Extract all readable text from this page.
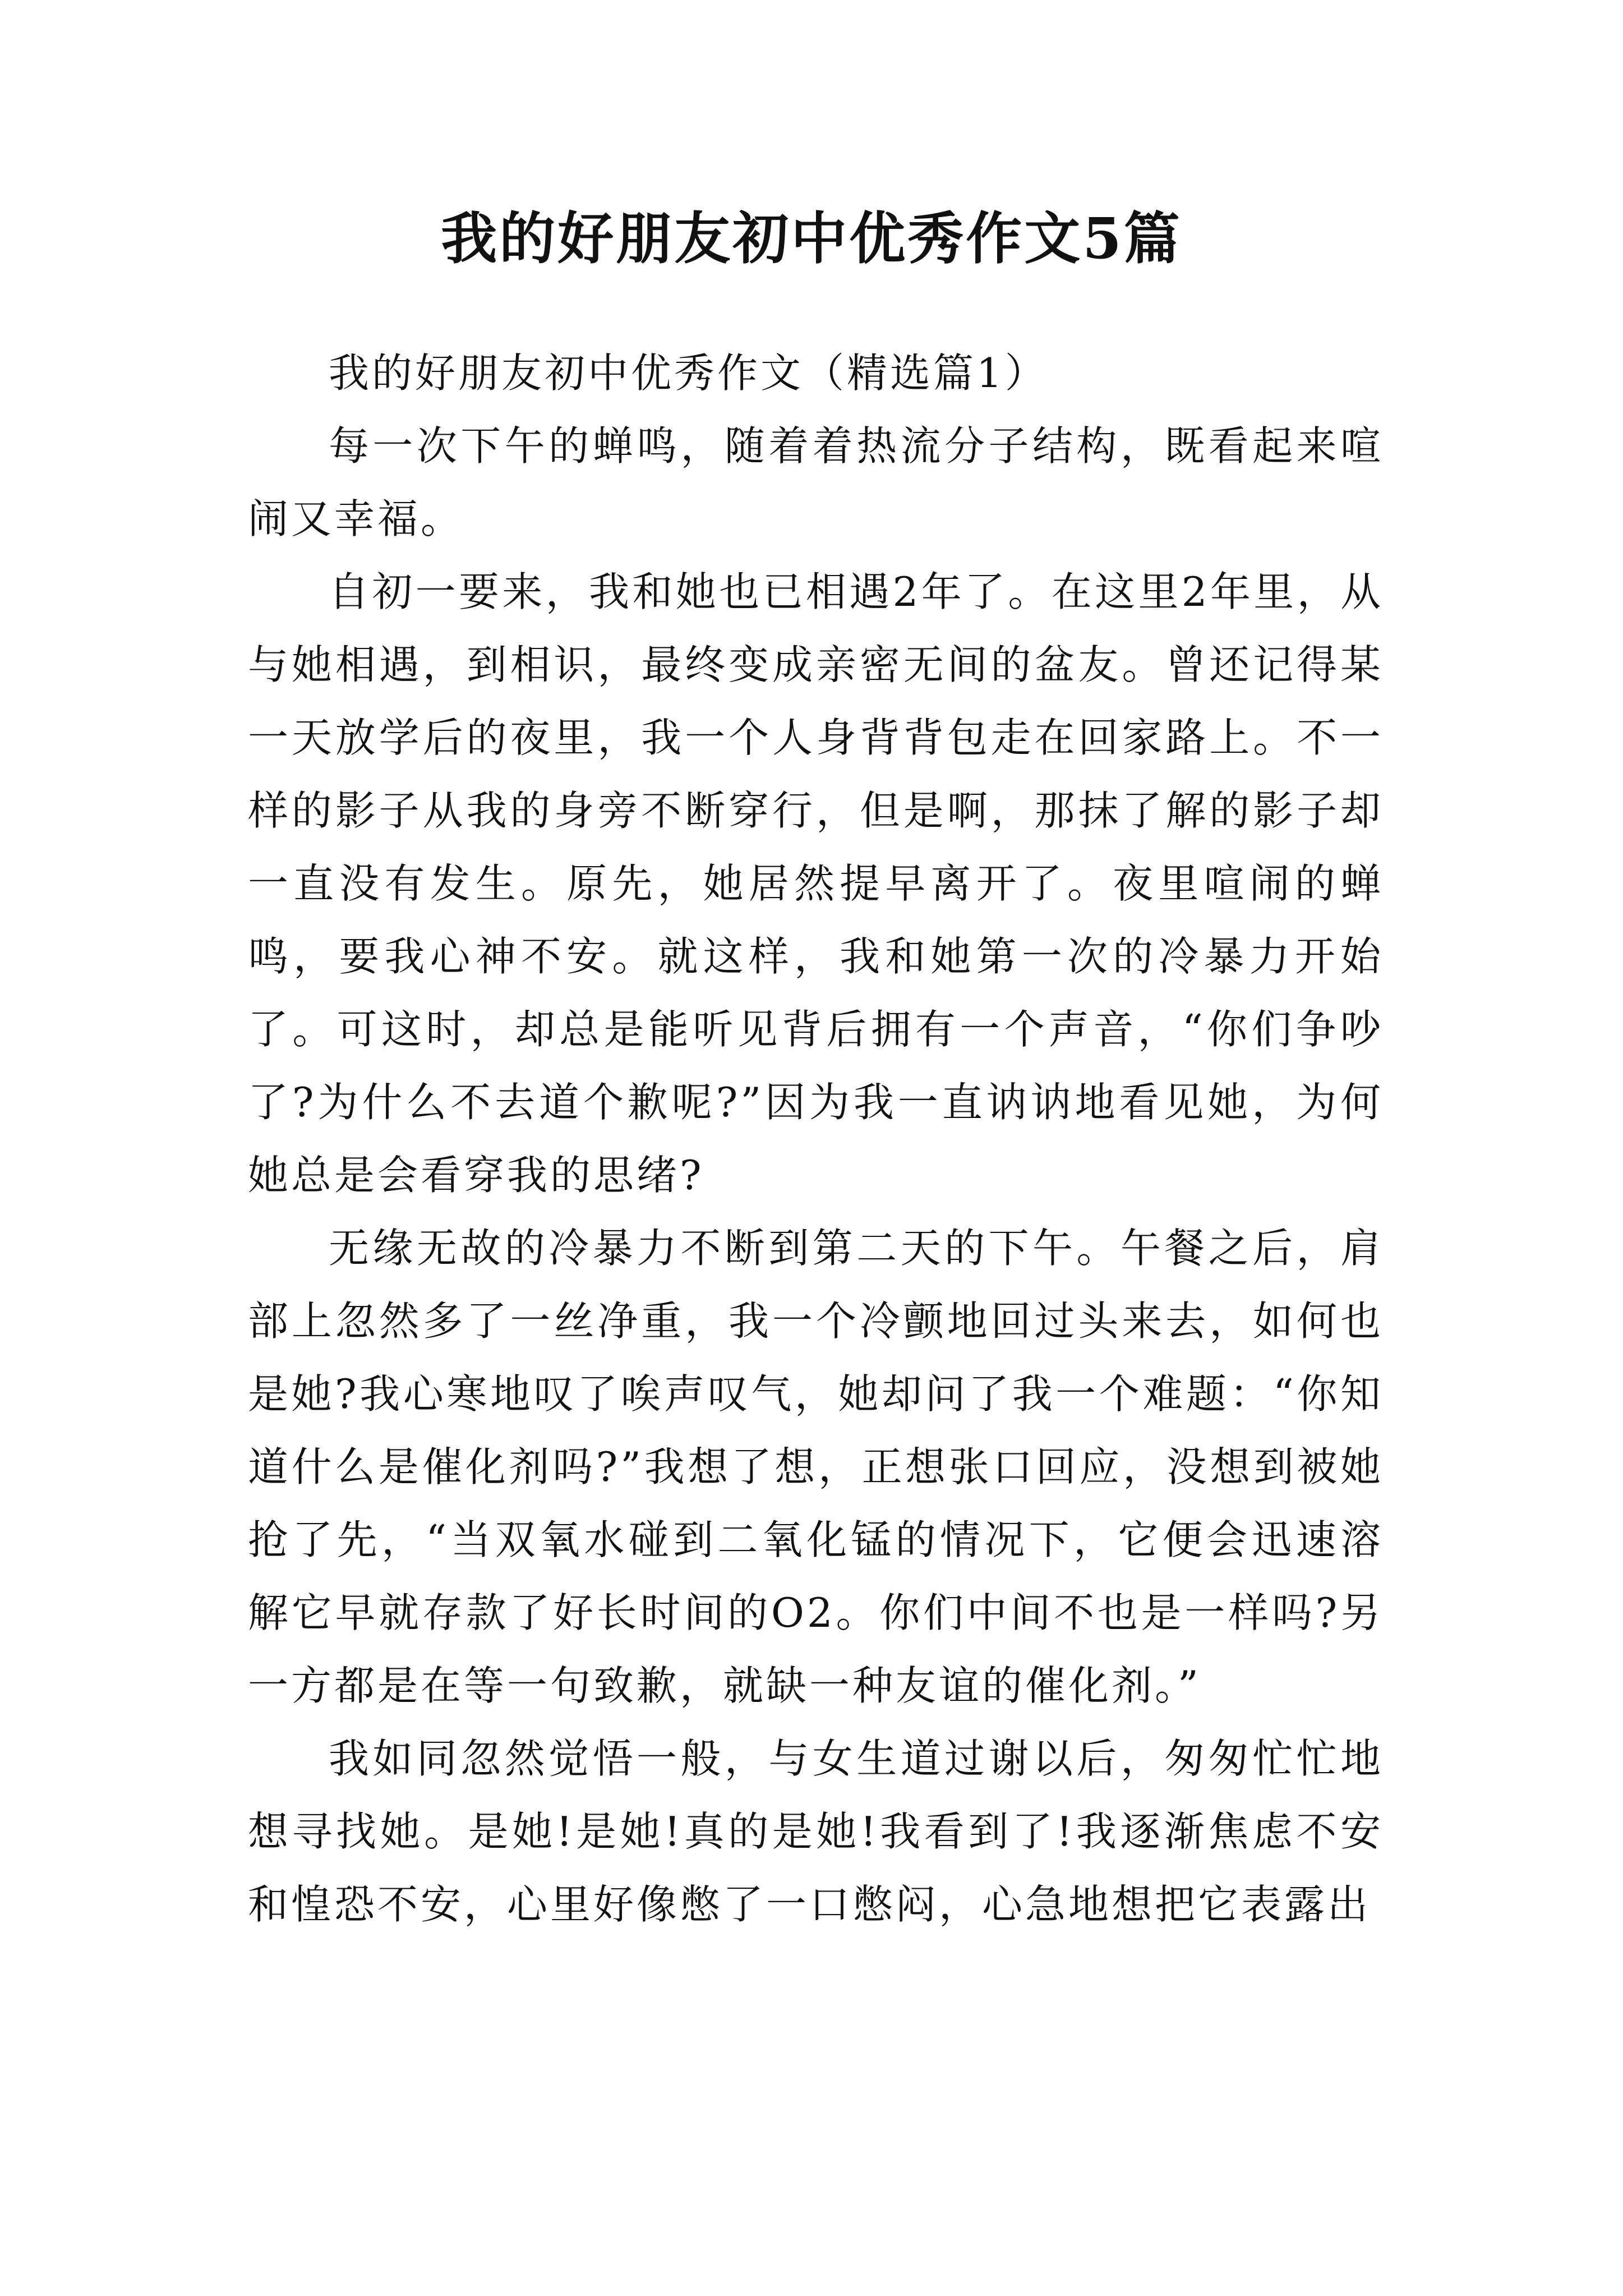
我的好朋友初中优秀作文5篇

我的好朋友初中优秀作文（精选篇1）

每一次下午的蝉鸣，随着着热流分子结构，既看起来喧闹又幸福。

自初一要来，我和她也已相遇2年了。在这里2年里，从与她相遇，到相识，最终变成亲密无间的盆友。曾还记得某一天放学后的夜里，我一个人身背背包走在回家路上。不一样的影子从我的身旁不断穿行，但是啊，那抹了解的影子却一直没有发生。原先，她居然提早离开了。夜里喧闹的蝉鸣，要我心神不安。就这样，我和她第一次的冷暴力开始了。可这时，却总是能听见背后拥有一个声音，“你们争吵了?为什么不去道个歉呢?”因为我一直讷讷地看见她，为何她总是会看穿我的思绪?

无缘无故的冷暴力不断到第二天的下午。午餐之后，肩部上忽然多了一丝净重，我一个冷颤地回过头来去，如何也是她?我心寒地叹了唉声叹气，她却问了我一个难题：“你知道什么是催化剂吗?”我想了想，正想张口回应，没想到被她抢了先，“当双氧水碰到二氧化锰的情况下，它便会迅速溶解它早就存款了好长时间的O2。你们中间不也是一样吗?另一方都是在等一句致歉，就缺一种友谊的催化剂。”

我如同忽然觉悟一般，与女生道过谢以后，匆匆忙忙地想寻找她。是她!是她!真的是她!我看到了!我逐渐焦虑不安和惶恐不安，心里好像憋了一口憋闷，心急地想把它表露出
